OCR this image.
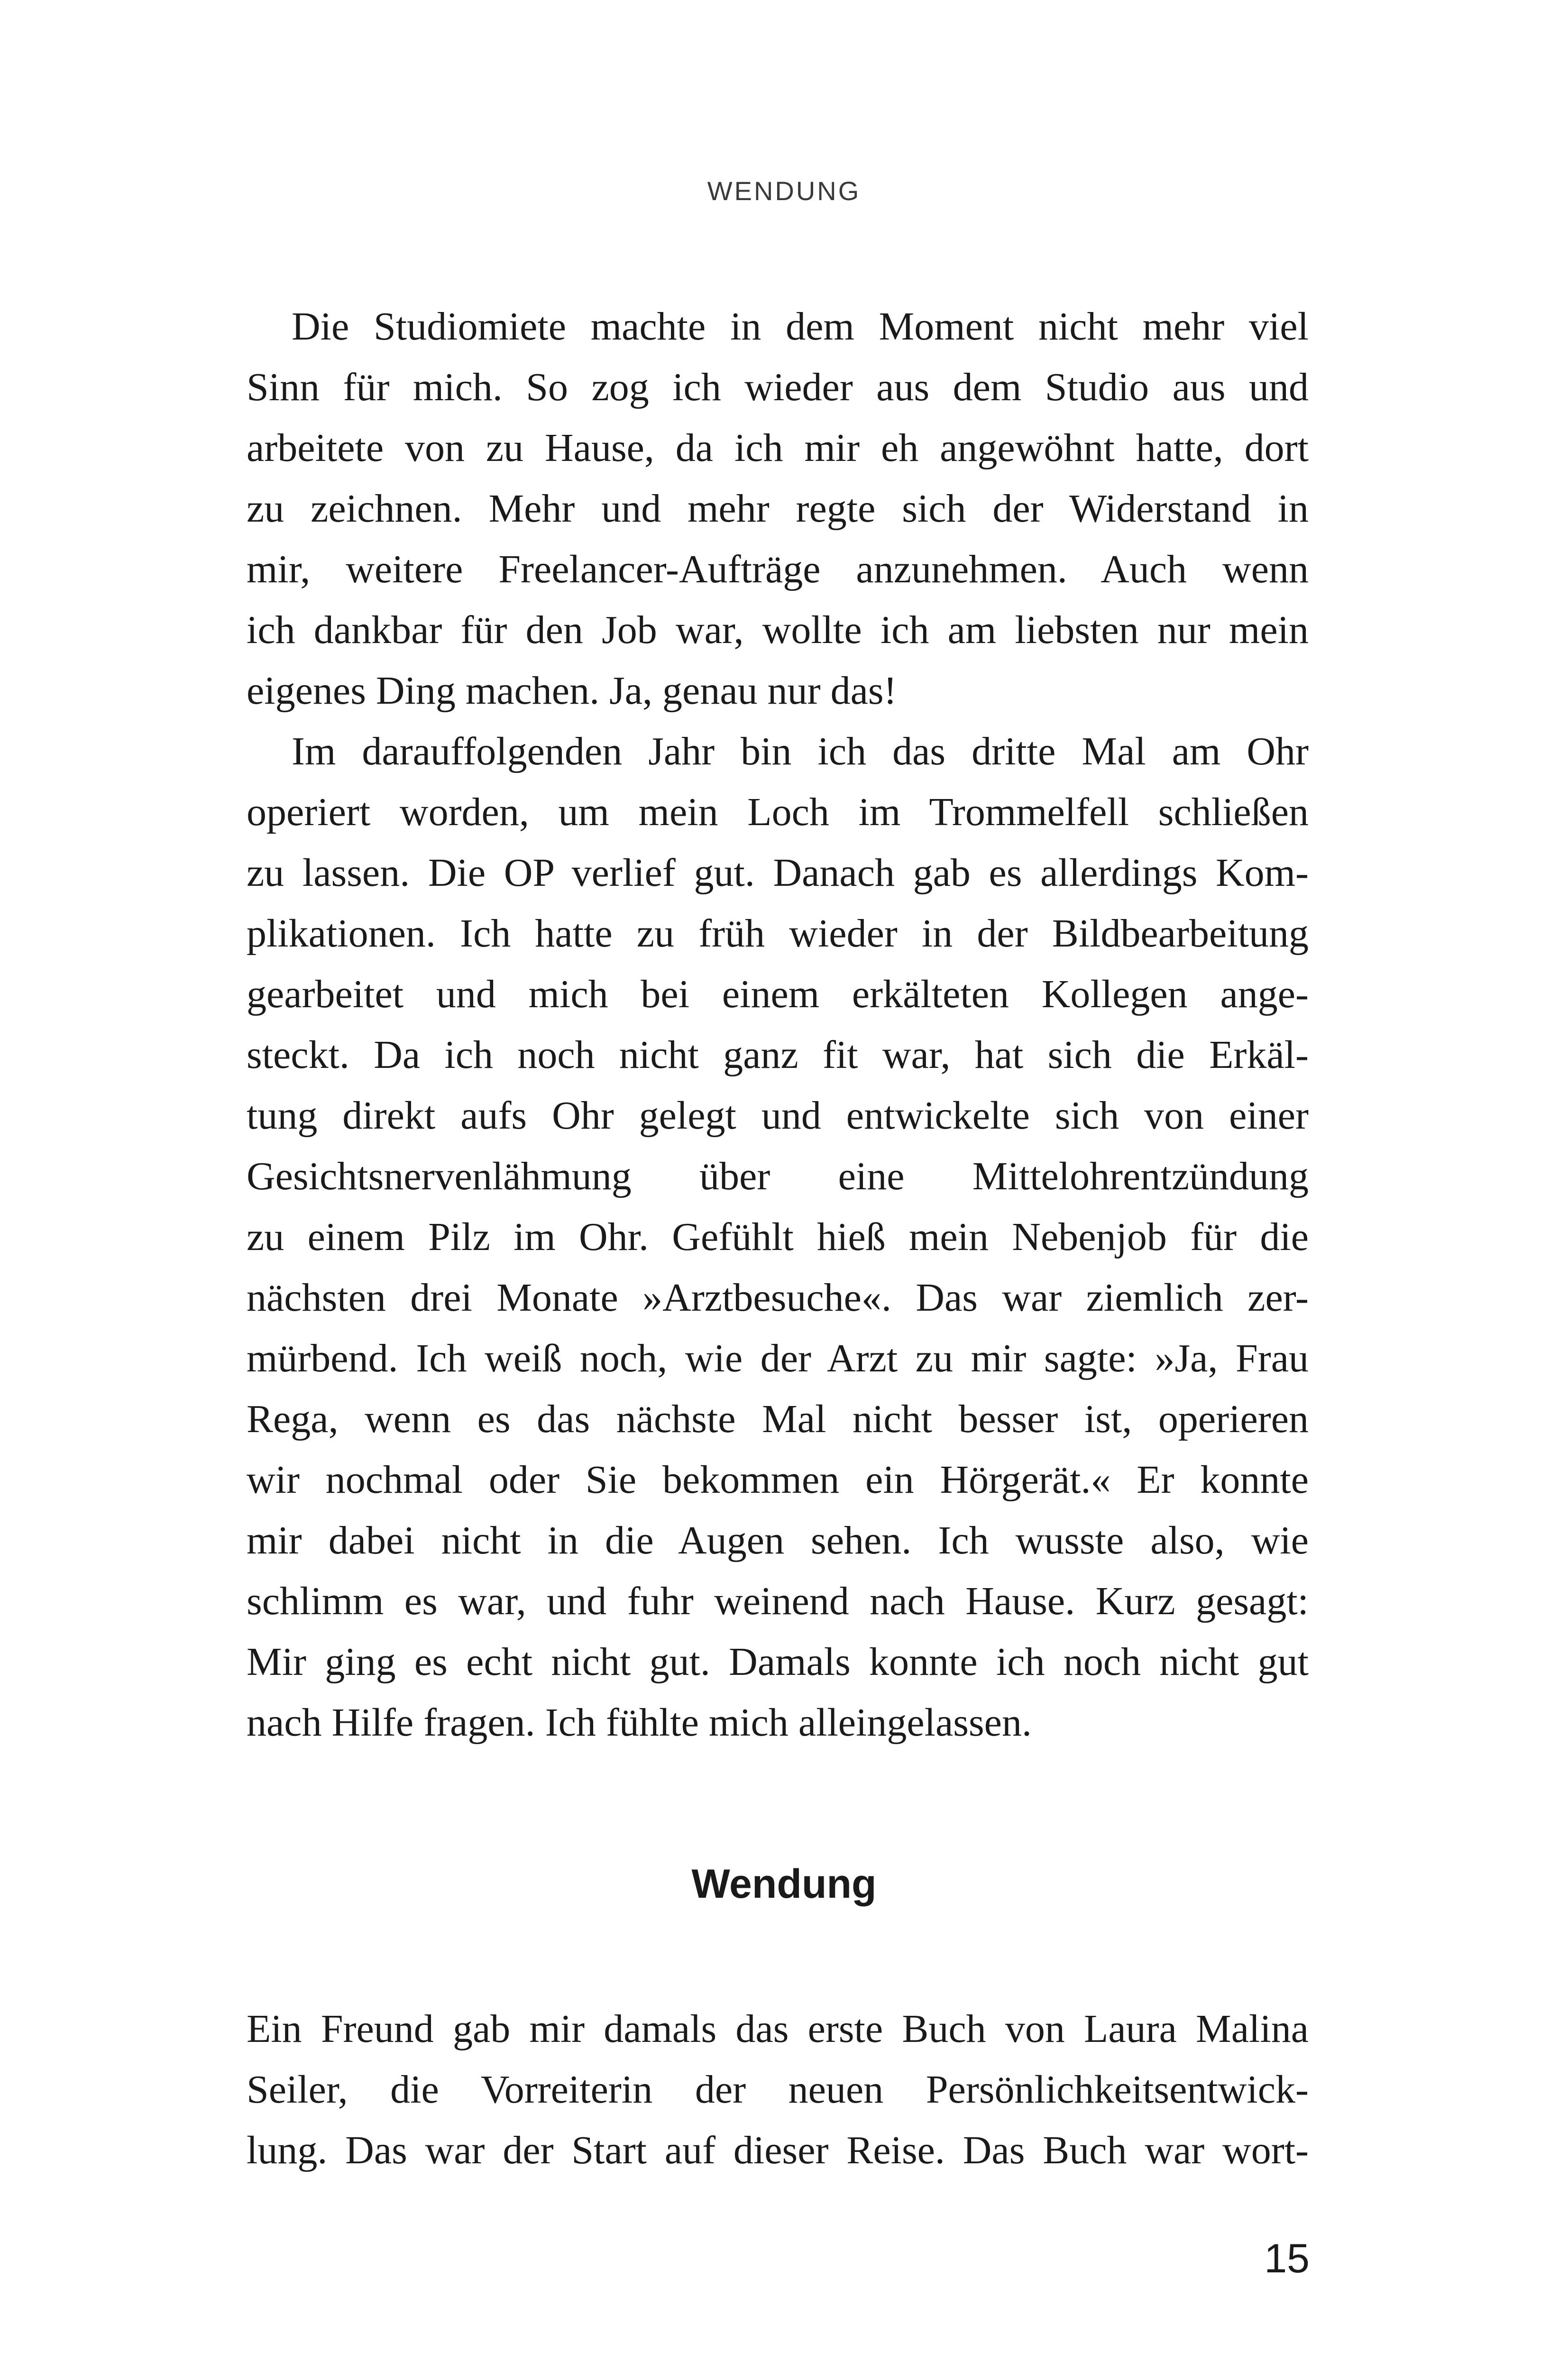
WENDUNG

Die Studiomiete machte in dem Moment nicht mehr viel
Sinn für mich. So zog ich wieder aus dem Studio aus und
arbeitete von zu Hause, da ich mir eh angewöhnt hatte, dort
zu zeichnen. Mehr und mehr regte sich der Widerstand in
mir, weitere Freelancer-Aufträge anzunehmen. Auch wenn
ich dankbar für den Job war, wollte ich am liebsten nur mein
eigenes Ding machen. Ja, genau nur das!

Im darauffolgenden Jahr bin ich das dritte Mal am Ohr
operiert worden, um mein Loch im Trommelfell schließen
zu lassen. Die OP verlief gut. Danach gab es allerdings Kom-
plikationen. Ich hatte zu früh wieder in der Bildbearbeitung
gearbeitet und mich bei einem erkälteten Kollegen ange-
steckt. Da ich noch nicht ganz fit war, hat sich die Erkäl-
tung direkt aufs Ohr gelegt und entwickelte sich von einer
Gesichtsnervenlähmung über eine Mittelohrentzündung
zu einem Pilz im Ohr. Gefühlt hieß mein Nebenjob für die
nächsten drei Monate »Arztbesuche«. Das war ziemlich zer-
mürbend. Ich weiß noch, wie der Arzt zu mir sagte: »Ja, Frau
Rega, wenn es das nächste Mal nicht besser ist, operieren
wir nochmal oder Sie bekommen ein Hörgerät.« Er konnte
mir dabei nicht in die Augen sehen. Ich wusste also, wie
schlimm es war, und fuhr weinend nach Hause. Kurz gesagt:
Mir ging es echt nicht gut. Damals konnte ich noch nicht gut
nach Hilfe fragen. Ich fühlte mich alleingelassen.

Wendung

Ein Freund gab mir damals das erste Buch von Laura Malina
Seiler, die Vorreiterin der neuen Persönlichkeitsentwick-
lung. Das war der Start auf dieser Reise. Das Buch war wort-

15
